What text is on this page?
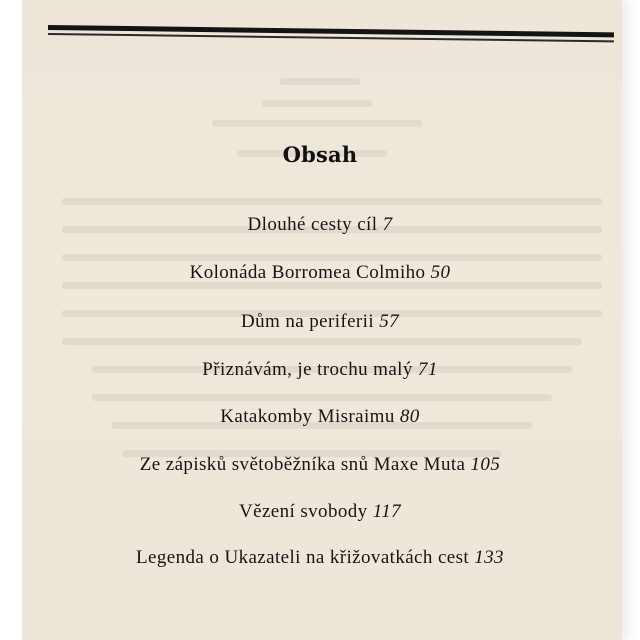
Obsah
Dlouhé cesty cíl 7
Kolonáda Borromea Colmiho 50
Dům na periferii 57
Přiznávám, je trochu malý 71
Katakomby Misraimu 80
Ze zápisků světoběžníka snů Maxe Muta 105
Vězení svobody 117
Legenda o Ukazateli na křižovatkách cest 133
